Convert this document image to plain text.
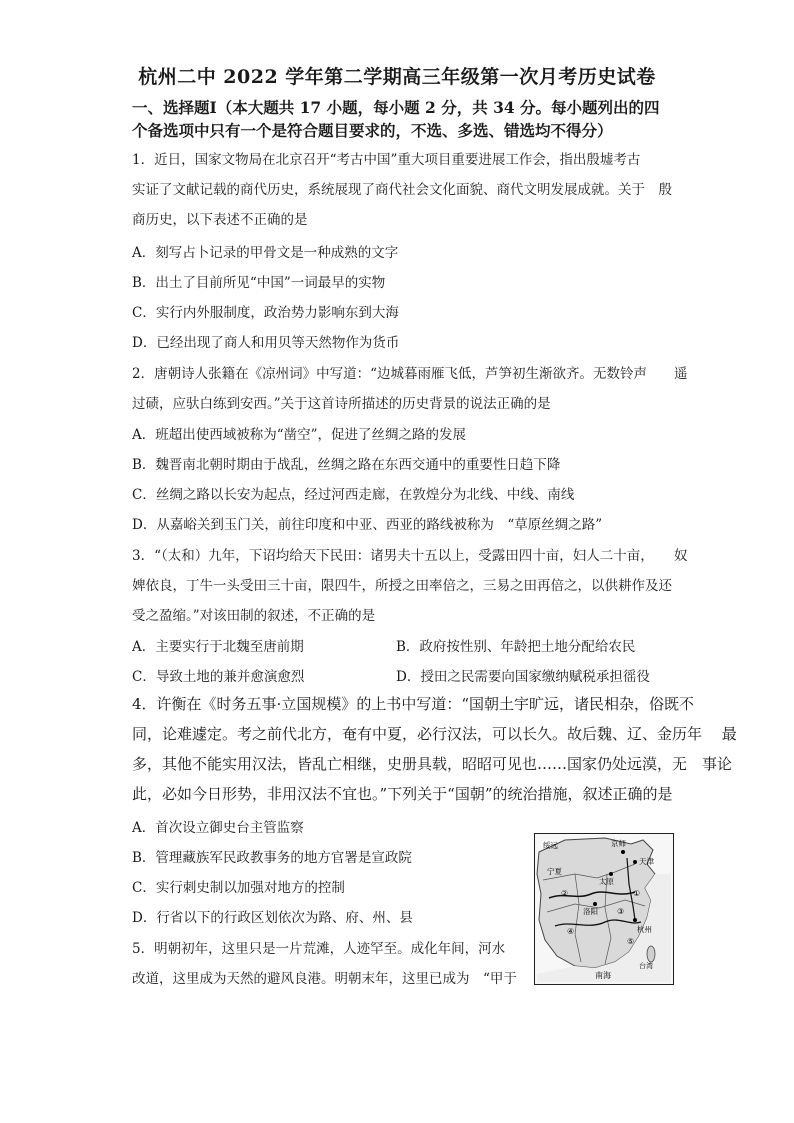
杭州二中 2022 学年第二学期高三年级第一次月考历史试卷
一、选择题Ⅰ（本大题共 17 小题，每小题 2 分，共 34 分。每小题列出的四个备选项中只有一个是符合题目要求的，不选、多选、错选均不得分）
1．近日，国家文物局在北京召开“考古中国”重大项目重要进展工作会，指出殷墟考古
实证了文献记载的商代历史，系统展现了商代社会文化面貌、商代文明发展成就。关于　殷
商历史，以下表述不正确的是
A．刻写占卜记录的甲骨文是一种成熟的文字
B．出土了目前所见“中国”一词最早的实物
C．实行内外服制度，政治势力影响东到大海
D．已经出现了商人和用贝等天然物作为货币
2．唐朝诗人张籍在《凉州词》中写道：“边城暮雨雁飞低，芦笋初生渐欲齐。无数铃声　　遥
过碛，应驮白练到安西。”关于这首诗所描述的历史背景的说法正确的是
A．班超出使西域被称为“凿空”，促进了丝绸之路的发展
B．魏晋南北朝时期由于战乱，丝绸之路在东西交通中的重要性日趋下降
C．丝绸之路以长安为起点，经过河西走廊，在敦煌分为北线、中线、南线
D．从嘉峪关到玉门关，前往印度和中亚、西亚的路线被称为　“草原丝绸之路”
3．“（太和）九年，下诏均给天下民田：诸男夫十五以上，受露田四十亩，妇人二十亩，　　奴
婢依良，丁牛一头受田三十亩，限四牛，所授之田率倍之，三易之田再倍之，以供耕作及还
受之盈缩。”对该田制的叙述，不正确的是
A．主要实行于北魏至唐前期	B．政府按性别、年龄把土地分配给农民
C．导致土地的兼并愈演愈烈	D．授田之民需要向国家缴纳赋税承担徭役
4．许衡在《时务五事·立国规模》的上书中写道：“国朝土宇旷远，诸民相杂，俗既不
同，论难遽定。考之前代北方，奄有中夏，必行汉法，可以长久。故后魏、辽、金历年　 最
多，其他不能实用汉法，皆乱亡相继，史册具载，昭昭可见也……国家仍处远漠，无　事论
此，必如今日形势，非用汉法不宜也。”下列关于“国朝”的统治措施，叙述正确的是
A．首次设立御史台主管监察
B．管理藏族军民政教事务的地方官署是宣政院
C．实行刺史制以加强对地方的控制
D．行省以下的行政区划依次为路、府、州、县
5．明朝初年，这里只是一片荒滩，人迹罕至。成化年间，河水
改道，这里成为天然的避风良港。明朝末年，这里已成为　“甲于
绥远	京师
天津
太原
宁夏
洛阳
杭州
台湾
南海
①
②
③
④
⑤
